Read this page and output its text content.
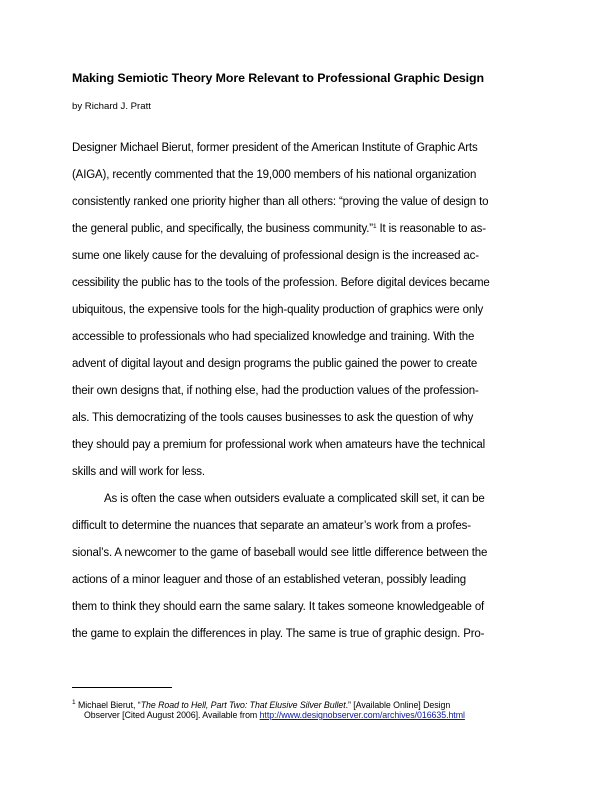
Making Semiotic Theory More Relevant to Professional Graphic Design
by Richard J. Pratt
Designer Michael Bierut, former president of the American Institute of Graphic Arts
(AIGA), recently commented that the 19,000 members of his national organization
consistently ranked one priority higher than all others: “proving the value of design to
the general public, and specifically, the business community.”$^1$ It is reasonable to as-
sume one likely cause for the devaluing of professional design is the increased ac-
cessibility the public has to the tools of the profession. Before digital devices became
ubiquitous, the expensive tools for the high-quality production of graphics were only
accessible to professionals who had specialized knowledge and training. With the
advent of digital layout and design programs the public gained the power to create
their own designs that, if nothing else, had the production values of the profession-
als. This democratizing of the tools causes businesses to ask the question of why
they should pay a premium for professional work when amateurs have the technical
skills and will work for less.
As is often the case when outsiders evaluate a complicated skill set, it can be
difficult to determine the nuances that separate an amateur’s work from a profes-
sional’s. A newcomer to the game of baseball would see little difference between the
actions of a minor leaguer and those of an established veteran, possibly leading
them to think they should earn the same salary. It takes someone knowledgeable of
the game to explain the differences in play. The same is true of graphic design. Pro-
$^1$ Michael Bierut, “The Road to Hell, Part Two: That Elusive Silver Bullet.” [Available Online] Design
Observer [Cited August 2006]. Available from http://www.designobserver.com/archives/016635.html
